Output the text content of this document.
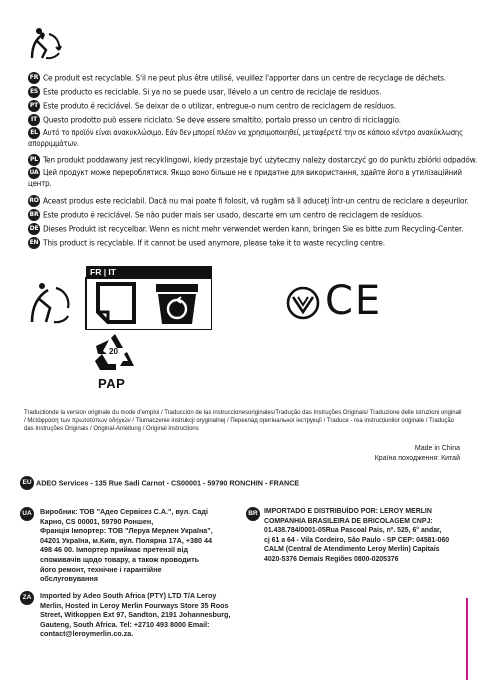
FR Ce produit est recyclable. S'il ne peut plus être utilisé, veuillez l'apporter dans un centre de recyclage de déchets.
ES Este producto es reciclable. Si ya no se puede usar, llévelo a un centro de reciclaje de residuos.
PT Este produto é reciclável. Se deixar de o utilizar, entregue-o num centro de reciclagem de resíduos.
IT Questo prodotto può essere riciclato. Se deve essere smaltito, portalo presso un centro di riciclaggio.
EL Αυτό το προϊόν είναι ανακυκλώσιμο. Εάν δεν μπορεί πλέον να χρησιμοποιηθεί, μεταφέρετέ την σε κάποιο κέντρο ανακύκλωσης απορριμμάτων.
PL Ten produkt poddawany jest recyklingowi, kiedy przestaje być użyteczny należy dostarczyć go do punktu zbiórki odpadów.
UA Цей продукт може перероблятися. Якщо воно більше не є придатне для використання, здайте його в утилізаційний центр.
RO Aceast produs este reciclabil. Dacă nu mai poate fi folosit, vă rugăm să îl aduceți într-un centru de reciclare a deșeurilor.
BR Este produto é reciclável. Se não puder mais ser usado, descarte em um centro de reciclagem de resíduos.
DE Dieses Produkt ist recycelbar. Wenn es nicht mehr verwendet werden kann, bringen Sie es bitte zum Recycling-Center.
EN This product is recyclable. If it cannot be used anymore, please take it to waste recycling centre.
FR | IT
CE
20
PAP
Traductionde la version originale du mode d'emploi / Traducción de las instruccionesoriginales/Tradução das Instruções Originais/ Traduzione delle istruzioni originali / Μετάφραση των πρωτοτύπων οδηγιών / Tłumaczenie instrukcji oryginalnej / Переклад оригінальної інструкції / Traduce - rea instrucțiunilor originale / Tradução das Instruções Originais / Original-Anleitung / Original instructions
Made in China
Країна походження: Китай
EU ADEO Services - 135 Rue Sadi Carnot - CS00001 - 59790 RONCHIN - FRANCE
UA	Виробник: ТОВ "Адео Сервісез С.А.", вул. Саді
Карно, CS 00001, 59790 Роншен,
Франція Імпортер: ТОВ "Леруа Мерлен Україна",
04201 Україна, м.Київ, вул. Полярна 17А, +380 44
498 46 00. Імпортер приймає претензії від
споживачів щодо товару, а також проводить
його ремонт, технічне і гарантійне
обслуговування
BR IMPORTADO E DISTRIBUÍDO POR: LEROY MERLIN
COMPANHIA BRASILEIRA DE BRICOLAGEM CNPJ:
01.438.784/0001-05Rua Pascoal Pais, nº. 525, 6° andar,
cj 61 a 64 - Vila Cordeiro, São Paulo - SP CEP: 04581-060
CALM (Central de Atendimento Leroy Merlin) Capitais
4020-5376 Demais Regiões 0800-0205376
ZA	Imported by Adeo South Africa (PTY) LTD T/A Leroy
Merlin, Hosted in Leroy Merlin Fourways Store 35 Roos
Street, Witkoppen Ext 97, Sandton, 2191 Johannesburg,
Gauteng, South Africa. Tel: +2710 493 8000 Email:
contact@leroymerlin.co.za.
